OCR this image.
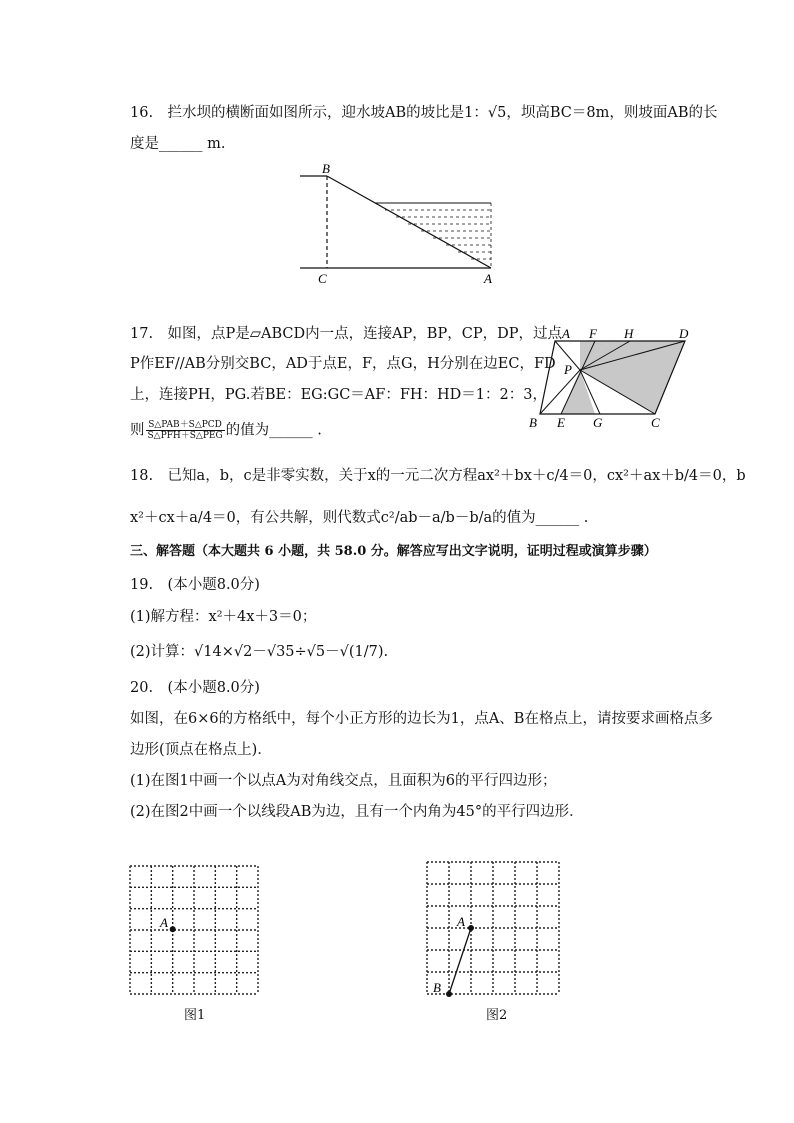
16.　拦水坝的横断面如图所示，迎水坡AB的坡比是1：√5，坝高BC＝8m，则坡面AB的长
度是______ m.
B
C	A
17.　如图，点P是▱ABCD内一点，连接AP，BP，CP，DP，过点
P作EF//AB分别交BC，AD于点E，F，点G，H分别在边EC，FD
上，连接PH，PG.若BE：EG:GC＝AF：FH：HD＝1：2：3，
则 $\frac{\text{S△PAB＋S△PCD}}{\text{S△PFH＋S△PEG}}$ 的值为______ .
A F H	D
P
B E G	C
18.　已知a，b，c是非零实数，关于x的一元二次方程ax²＋bx＋c/4＝0，cx²＋ax＋b/4＝0，b
x²＋cx＋a/4＝0，有公共解，则代数式c²/ab－a/b－b/a的值为______ .
三、解答题（本大题共 6 小题，共 58.0 分。解答应写出文字说明，证明过程或演算步骤）
19.　(本小题8.0分)
(1)解方程：x²＋4x＋3＝0；
(2)计算：√14×√2－√35÷√5－√(1/7).
20.　(本小题8.0分)
如图，在6×6的方格纸中，每个小正方形的边长为1，点A、B在格点上，请按要求画格点多
边形(顶点在格点上)．
(1)在图1中画一个以点A为对角线交点，且面积为6的平行四边形；
(2)在图2中画一个以线段AB为边，且有一个内角为45°的平行四边形．
A
图1
A
B
图2
